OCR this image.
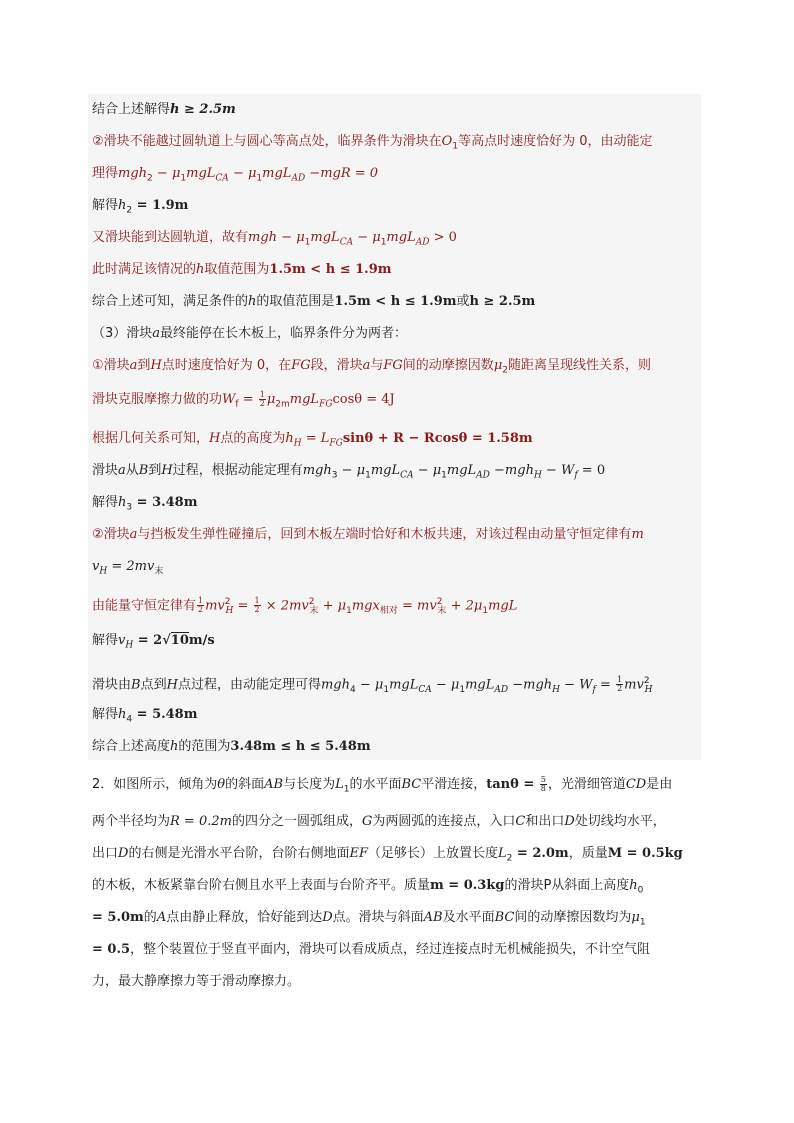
结合上述解得h ≥ 2.5m
②滑块不能越过圆轨道上与圆心等高点处，临界条件为滑块在$O_1$等高点时速度恰好为 0，由动能定
理得$mgh_2 - \mu_1mgL_{CA} - \mu_1mgL_{AD} -mgR = 0$
解得$h_2 = 1.9m$
又滑块能到达圆轨道，故有mgh − $\mu_1mgL_{CA} - \mu_1mgL_{AD} > 0$
此时满足该情况的h取值范围为1.5m < h ≤ 1.9m
综合上述可知，满足条件的h的取值范围是1.5m < h ≤ 1.9m或h ≥ 2.5m
（3）滑块a最终能停在长木板上，临界条件分为两者：
①滑块a到H点时速度恰好为 0，在FG段，滑块a与FG间的动摩擦因数$\mu_2$随距离呈现线性关系，则
滑块克服摩擦力做的功$W_f = \frac{1}{2} \mu_{2m}mgL_{FG}\cos\theta = 4J$
根据几何关系可知，H点的高度为$h_H = L_{FG}\sin\theta + R - Rcos\theta = 1.58m$
滑块a从B到H过程，根据动能定理有$mgh_3 - \mu_1mgL_{CA} - \mu_1mgL_{AD} -mgh_H - W_f = 0$
解得$h_3 = 3.48m$
②滑块a与挡板发生弹性碰撞后，回到木板左端时恰好和木板共速，对该过程由动量守恒定律有m
$v_H = 2mv_末$
由能量守恒定律有 $\frac{1}{2} mv^2_H = \frac{1}{2} \times 2mv^2_末 + \mu_1mgx_{相对} = mv^2_末 + 2\mu_1mgL$
解得$v_H = 2√10m/s$
滑块由B点到H点过程，由动能定理可得$mgh_4 - \mu_1mgL_{CA} - \mu_1mgL_{AD} -mgh_H - W_f = \frac{1}{2} mv^2_H$
解得$h_4 = 5.48m$
综合上述高度h的范围为3.48m ≤ h ≤ 5.48m
2．如图所示，倾角为θ的斜面AB与长度为$L_1$的水平面BC平滑连接，$\tan\theta = \frac{5}{8}$ ，光滑细管道CD是由
两个半径均为R = 0.2m的四分之一圆弧组成，G为两圆弧的连接点，入口C和出口D处切线均水平，
出口D的右侧是光滑水平台阶，台阶右侧地面EF（足够长）上放置长度$L_2 = 2.0m$，质量M = 0.5kg
的木板，木板紧靠台阶右侧且水平上表面与台阶齐平。质量m = 0.3kg的滑块P从斜面上高度$h_0$
= 5.0m的A点由静止释放，恰好能到达D点。滑块与斜面AB及水平面BC间的动摩擦因数均为$\mu_1$
= 0.5，整个装置位于竖直平面内，滑块可以看成质点，经过连接点时无机械能损失，不计空气阻
力，最大静摩擦力等于滑动摩擦力。
